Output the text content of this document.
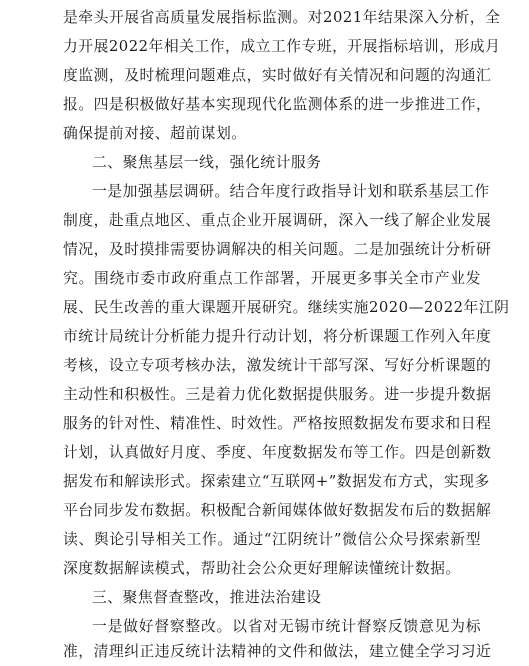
是牵头开展省高质量发展指标监测。对2021年结果深入分析，全
力开展2022年相关工作，成立工作专班，开展指标培训，形成月
度监测，及时梳理问题难点，实时做好有关情况和问题的沟通汇
报。四是积极做好基本实现现代化监测体系的进一步推进工作，
确保提前对接、超前谋划。
二、聚焦基层一线，强化统计服务
一是加强基层调研。结合年度行政指导计划和联系基层工作
制度，赴重点地区、重点企业开展调研，深入一线了解企业发展
情况，及时摸排需要协调解决的相关问题。二是加强统计分析研
究。围绕市委市政府重点工作部署，开展更多事关全市产业发
展、民生改善的重大课题开展研究。继续实施2020—2022年江阴
市统计局统计分析能力提升行动计划，将分析课题工作列入年度
考核，设立专项考核办法，激发统计干部写深、写好分析课题的
主动性和积极性。三是着力优化数据提供服务。进一步提升数据
服务的针对性、精准性、时效性。严格按照数据发布要求和日程
计划，认真做好月度、季度、年度数据发布等工作。四是创新数
据发布和解读形式。探索建立“互联网+”数据发布方式，实现多
平台同步发布数据。积极配合新闻媒体做好数据发布后的数据解
读、舆论引导相关工作。通过“江阴统计”微信公众号探索新型
深度数据解读模式，帮助社会公众更好理解读懂统计数据。
三、聚焦督查整改，推进法治建设
一是做好督察整改。以省对无锡市统计督察反馈意见为标
准，清理纠正违反统计法精神的文件和做法，建立健全学习习近
